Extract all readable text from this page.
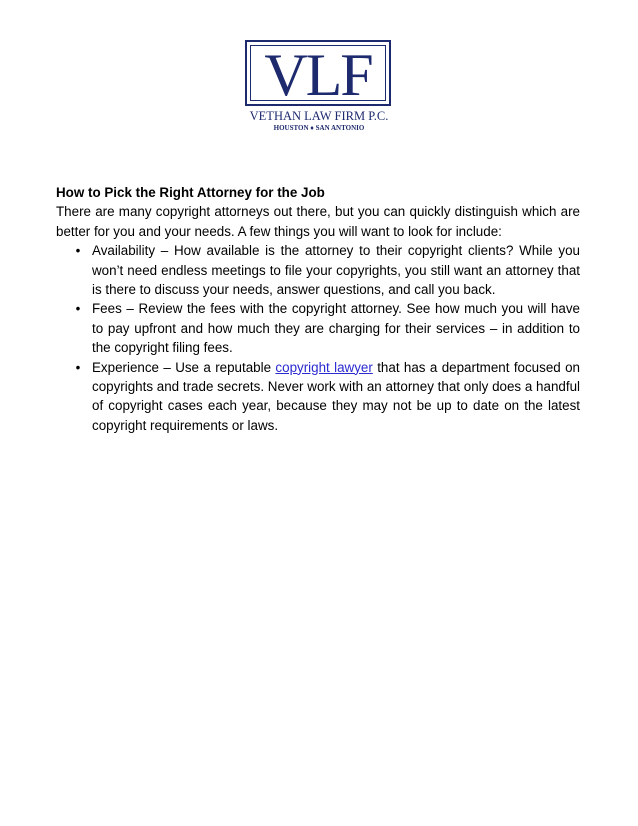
VLF
VETHAN LAW FIRM P.C.
HOUSTON ♦ SAN ANTONIO

How to Pick the Right Attorney for the Job

There are many copyright attorneys out there, but you can quickly distinguish which are better for you and your needs. A few things you will want to look for include:

• Availability – How available is the attorney to their copyright clients? While you won’t need endless meetings to file your copyrights, you still want an attorney that is there to discuss your needs, answer questions, and call you back.
• Fees – Review the fees with the copyright attorney. See how much you will have to pay upfront and how much they are charging for their services – in addition to the copyright filing fees.
• Experience – Use a reputable copyright lawyer that has a department focused on copyrights and trade secrets. Never work with an attorney that only does a handful of copyright cases each year, because they may not be up to date on the latest copyright requirements or laws.
